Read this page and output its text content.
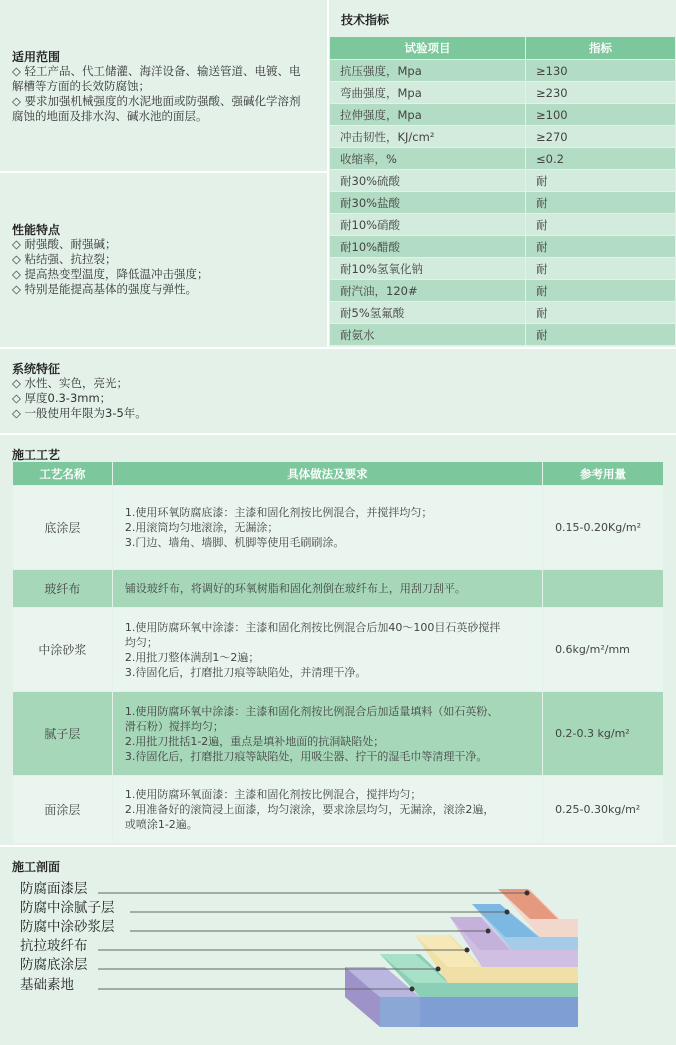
适用范围
◇ 轻工产品、代工储灌、海洋设备、输送管道、电镀、电
解槽等方面的长效防腐蚀；
◇ 要求加强机械强度的水泥地面或防强酸、强碱化学溶剂
腐蚀的地面及排水沟、碱水池的面层。
性能特点
◇ 耐强酸、耐强碱；
◇ 粘结强、抗拉裂；
◇ 提高热变型温度，降低温冲击强度；
◇ 特别是能提高基体的强度与弹性。
技术指标
试验项目	指标
抗压强度，Mpa	≥130
弯曲强度，Mpa	≥230
拉伸强度，Mpa	≥100
冲击韧性，KJ/cm²	≥270
收缩率，%	≤0.2
耐30%硫酸	耐
耐30%盐酸	耐
耐10%硝酸	耐
耐10%醋酸	耐
耐10%氢氧化钠	耐
耐汽油，120#	耐
耐5%氢氟酸	耐
耐氨水	耐
系统特征
◇ 水性、实色，亮光；
◇ 厚度0.3-3mm；
◇ 一般使用年限为3-5年。
施工工艺
工艺名称	具体做法及要求	参考用量
底涂层	1.使用环氧防腐底漆：主漆和固化剂按比例混合，并搅拌均匀；
2.用滚筒均匀地滚涂，无漏涂；
3.门边、墙角、墙脚、机脚等使用毛刷刷涂。	0.15-0.20Kg/m²
玻纤布	铺设玻纤布，将调好的环氧树脂和固化剂倒在玻纤布上，用刮刀刮平。	

中涂砂浆	1.使用防腐环氧中涂漆：主漆和固化剂按比例混合后加40～100目石英砂搅拌
均匀；
2.用批刀整体满刮1～2遍；
3.待固化后，打磨批刀痕等缺陷处，并清理干净。	0.6kg/m²/mm
腻子层	1.使用防腐环氧中涂漆：主漆和固化剂按比例混合后加适量填料（如石英粉、
滑石粉）搅拌均匀；
2.用批刀批括1-2遍，重点是填补地面的抗洞缺陷处；
3.待固化后，打磨批刀痕等缺陷处，用吸尘器、拧干的湿毛巾等清理干净。	0.2-0.3 kg/m²
面涂层	1.使用防腐环氧面漆：主漆和固化剂按比例混合，搅拌均匀；
2.用准备好的滚筒浸上面漆，均匀滚涂，要求涂层均匀，无漏涂，滚涂2遍，
或喷涂1-2遍。	0.25-0.30kg/m²
施工剖面
防腐面漆层
防腐中涂腻子层
防腐中涂砂浆层
抗拉玻纤布
防腐底涂层
基础素地
